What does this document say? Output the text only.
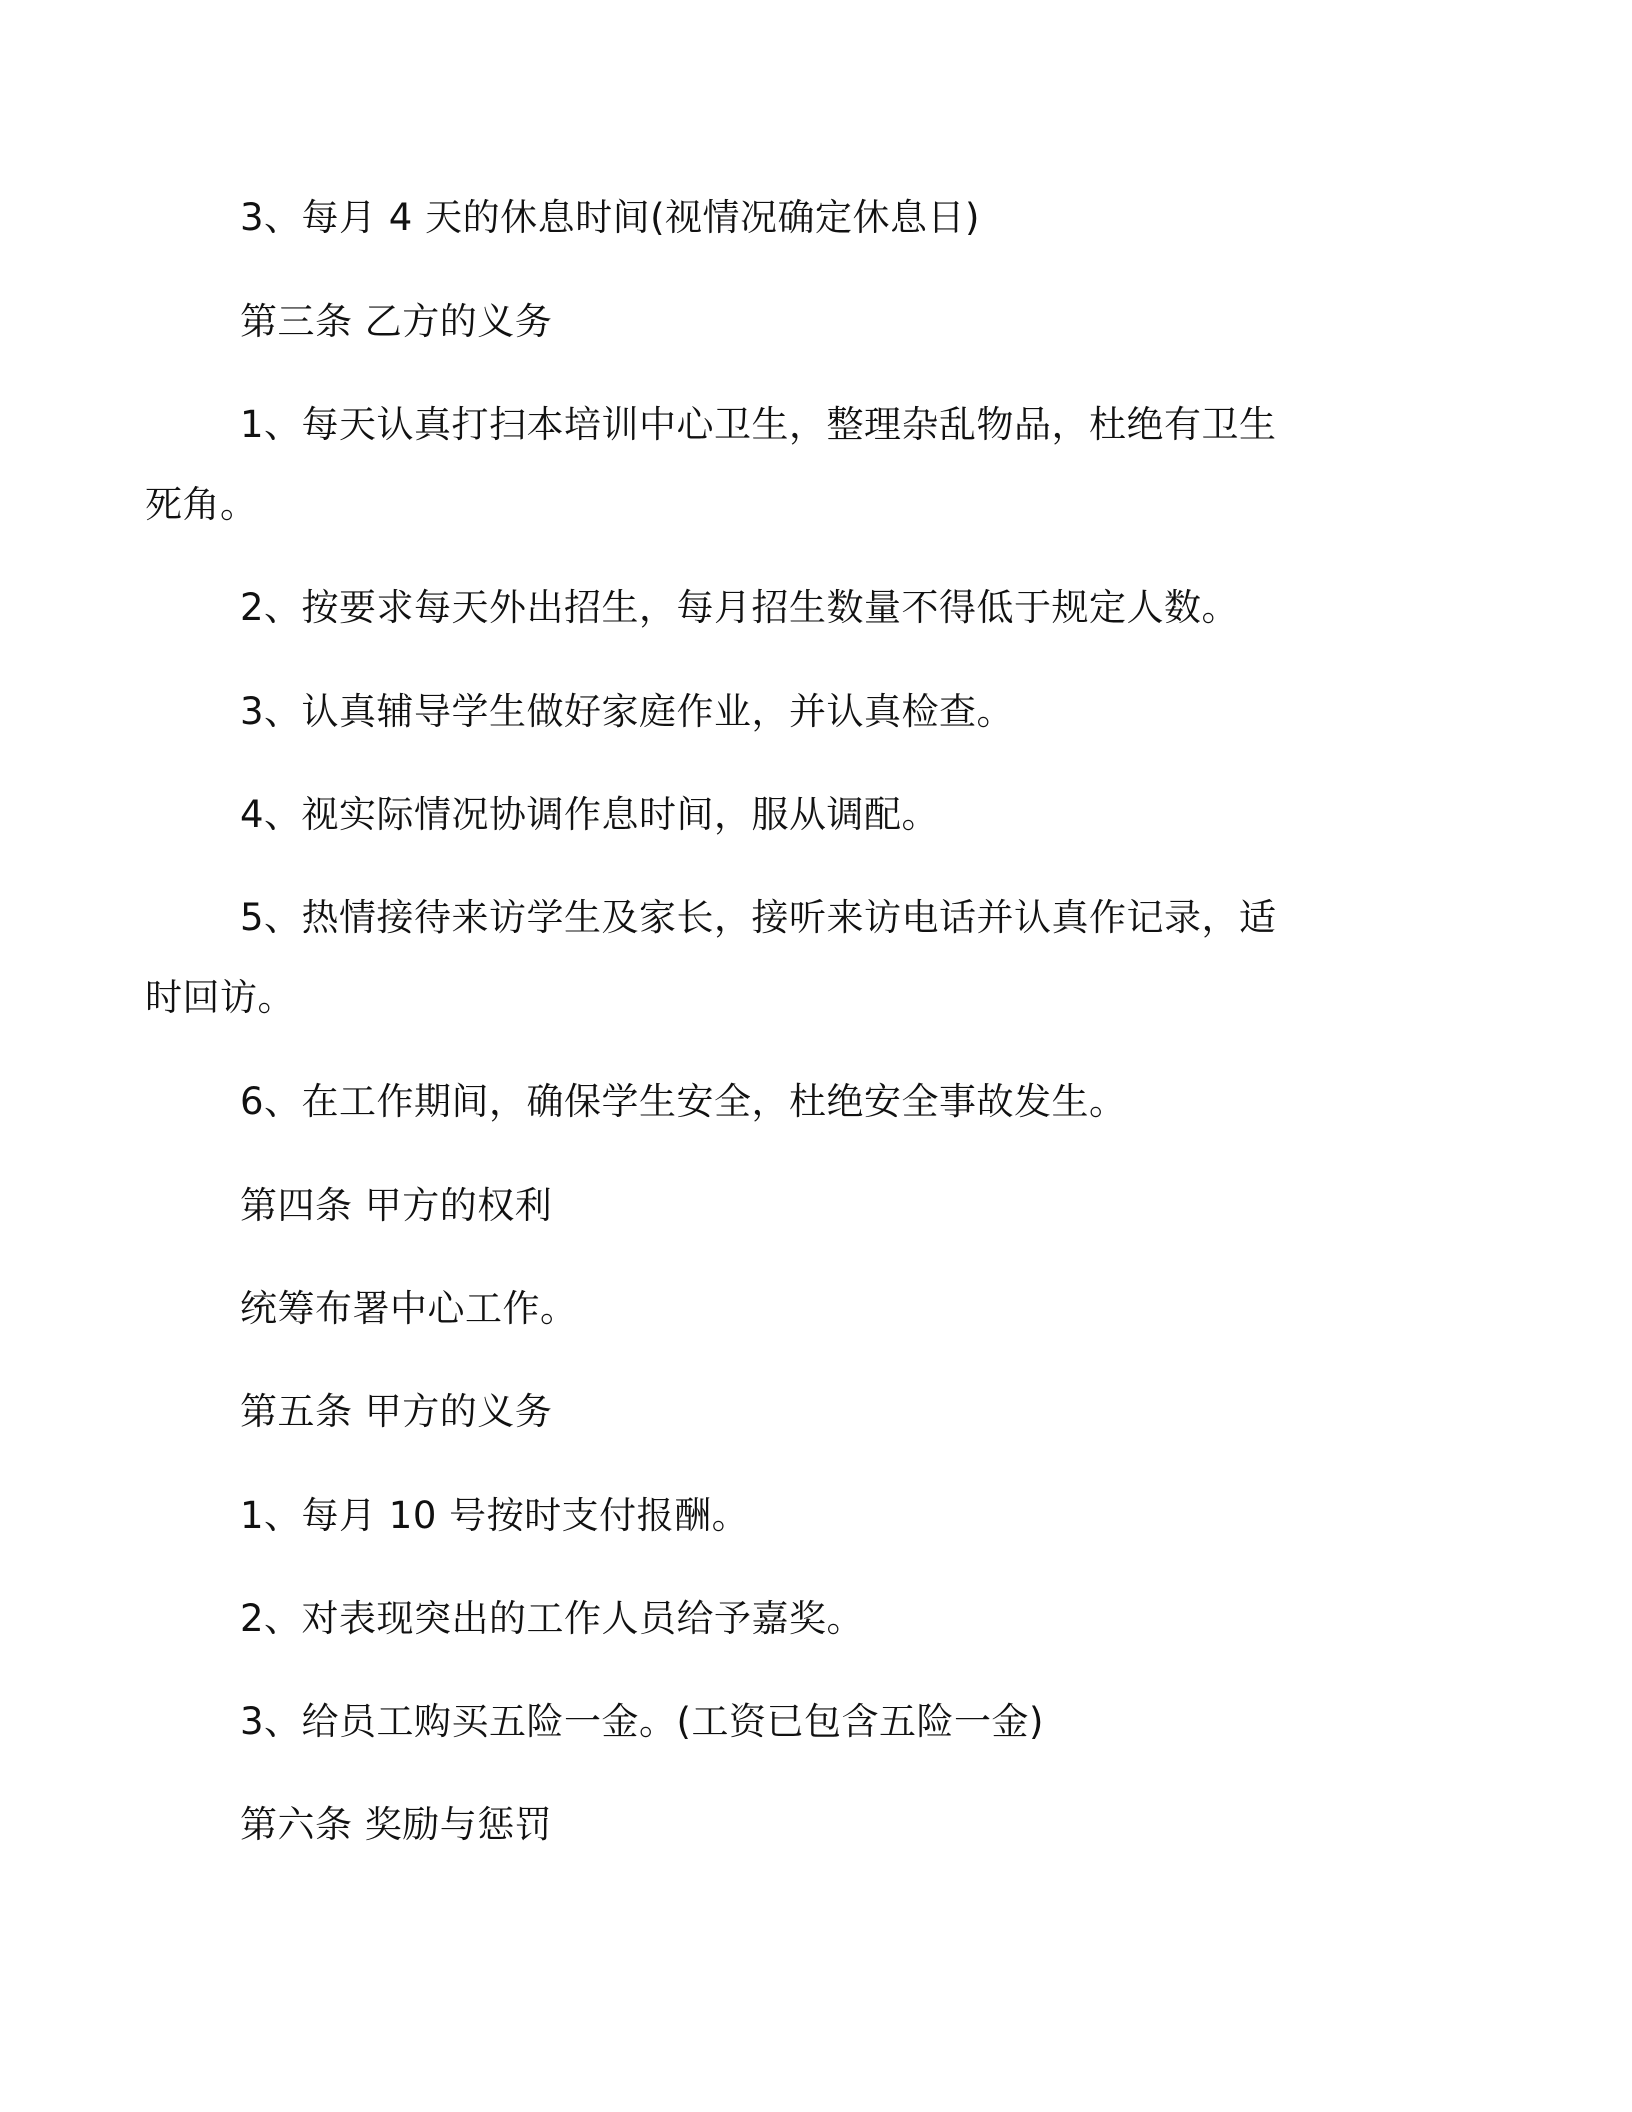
3、每月 4 天的休息时间(视情况确定休息日)
第三条 乙方的义务
1、每天认真打扫本培训中心卫生，整理杂乱物品，杜绝有卫生
死角。
2、按要求每天外出招生，每月招生数量不得低于规定人数。
3、认真辅导学生做好家庭作业，并认真检查。
4、视实际情况协调作息时间，服从调配。
5、热情接待来访学生及家长，接听来访电话并认真作记录，适
时回访。
6、在工作期间，确保学生安全，杜绝安全事故发生。
第四条 甲方的权利
统筹布署中心工作。
第五条 甲方的义务
1、每月 10 号按时支付报酬。
2、对表现突出的工作人员给予嘉奖。
3、给员工购买五险一金。(工资已包含五险一金)
第六条 奖励与惩罚
